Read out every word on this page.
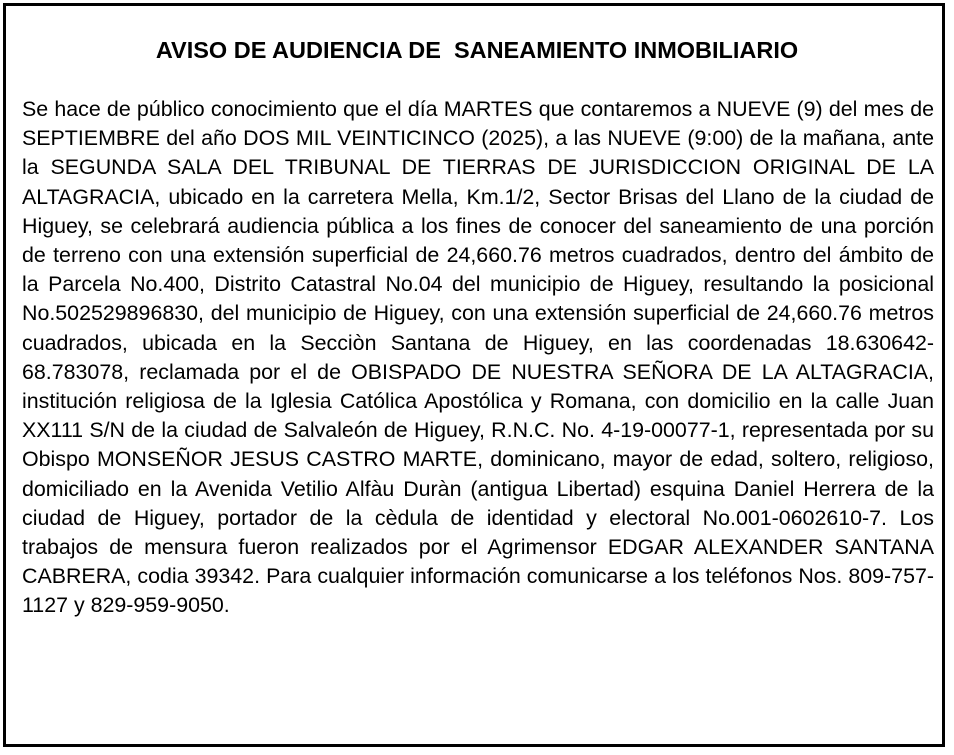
AVISO DE AUDIENCIA DE  SANEAMIENTO INMOBILIARIO

Se hace de público conocimiento que el día MARTES que contaremos a NUEVE (9) del mes de SEPTIEMBRE del año DOS MIL VEINTICINCO (2025), a las NUEVE (9:00) de la mañana, ante la SEGUNDA SALA DEL TRIBUNAL DE TIERRAS DE JURISDICCION ORIGINAL DE LA ALTAGRACIA, ubicado en la carretera Mella, Km.1/2, Sector Brisas del Llano de la ciudad de Higuey, se celebrará audiencia pública a los fines de conocer del saneamiento de una porción de terreno con una extensión superficial de 24,660.76 metros cuadrados, dentro del ámbito de la Parcela No.400, Distrito Catastral No.04 del municipio de Higuey, resultando la posicional No.502529896830, del municipio de Higuey, con una extensión superficial de 24,660.76 metros cuadrados, ubicada en la Secciòn Santana de Higuey, en las coordenadas 18.630642-68.783078, reclamada por el de OBISPADO DE NUESTRA SEÑORA DE LA ALTAGRACIA, institución religiosa de la Iglesia Católica Apostólica y Romana, con domicilio en la calle Juan XX111 S/N de la ciudad de Salvaleón de Higuey, R.N.C. No. 4-19-00077-1, representada por su Obispo MONSEÑOR JESUS CASTRO MARTE, dominicano, mayor de edad, soltero, religioso, domiciliado en la Avenida Vetilio Alfàu Duràn (antigua Libertad) esquina Daniel Herrera de la ciudad de Higuey, portador de la cèdula de identidad y electoral No.001-0602610-7. Los trabajos de mensura fueron realizados por el Agrimensor EDGAR ALEXANDER SANTANA CABRERA, codia 39342. Para cualquier información comunicarse a los teléfonos Nos. 809-757-1127 y 829-959-9050.
